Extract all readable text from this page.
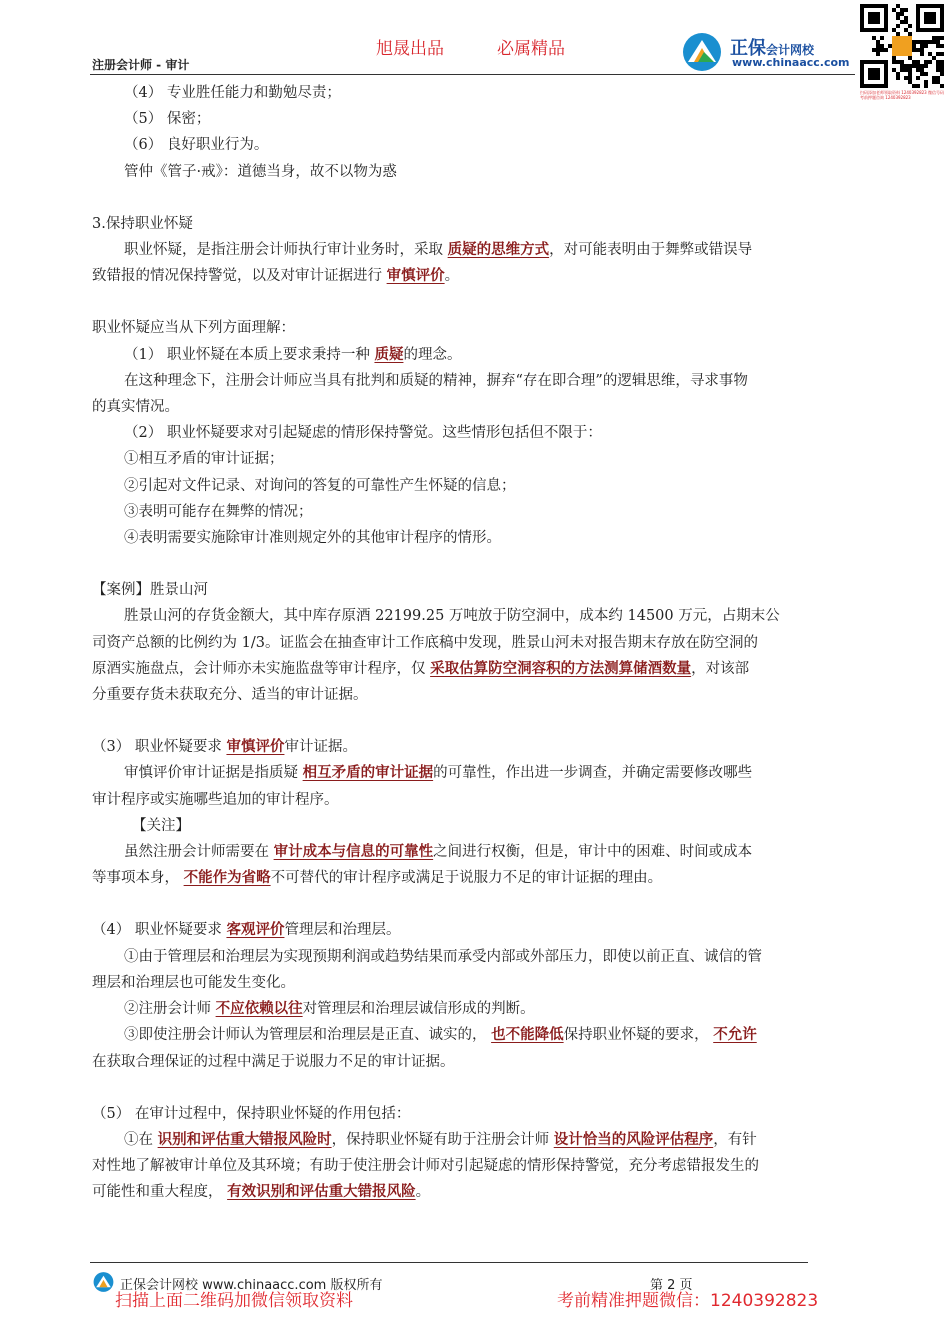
旭晟出品	必属精品
注册会计师 - 审计
正保会计网校
www.chinaacc.com
扫码添加老师领取资料 1240392823 微信号码 考前押题咨询 1240392823

（4） 专业胜任能力和勤勉尽责；

（5） 保密；

（6） 良好职业行为。

管仲《管子·戒》：道德当身，故不以物为惑

3.保持职业怀疑

职业怀疑，是指注册会计师执行审计业务时，采取 质疑的思维方式，对可能表明由于舞弊或错误导

致错报的情况保持警觉，以及对审计证据进行 审慎评价。

职业怀疑应当从下列方面理解：

（1） 职业怀疑在本质上要求秉持一种 质疑的理念。

在这种理念下，注册会计师应当具有批判和质疑的精神，摒弃“存在即合理”的逻辑思维，寻求事物

的真实情况。

（2） 职业怀疑要求对引起疑虑的情形保持警觉。这些情形包括但不限于：

①相互矛盾的审计证据；

②引起对文件记录、对询问的答复的可靠性产生怀疑的信息；

③表明可能存在舞弊的情况；

④表明需要实施除审计准则规定外的其他审计程序的情形。

【案例】胜景山河

胜景山河的存货金额大，其中库存原酒 22199.25 万吨放于防空洞中，成本约 14500 万元，占期末公

司资产总额的比例约为 1/3。证监会在抽查审计工作底稿中发现，胜景山河未对报告期末存放在防空洞的

原酒实施盘点，会计师亦未实施监盘等审计程序，仅 采取估算防空洞容积的方法测算储酒数量，对该部

分重要存货未获取充分、适当的审计证据。

（3） 职业怀疑要求 审慎评价审计证据。

审慎评价审计证据是指质疑 相互矛盾的审计证据的可靠性，作出进一步调查，并确定需要修改哪些

审计程序或实施哪些追加的审计程序。

【关注】

虽然注册会计师需要在 审计成本与信息的可靠性之间进行权衡，但是，审计中的困难、时间或成本

等事项本身， 不能作为省略不可替代的审计程序或满足于说服力不足的审计证据的理由。

（4） 职业怀疑要求 客观评价管理层和治理层。

①由于管理层和治理层为实现预期利润或趋势结果而承受内部或外部压力，即使以前正直、诚信的管

理层和治理层也可能发生变化。

②注册会计师 不应依赖以往对管理层和治理层诚信形成的判断。

③即使注册会计师认为管理层和治理层是正直、诚实的， 也不能降低保持职业怀疑的要求， 不允许

在获取合理保证的过程中满足于说服力不足的审计证据。

（5） 在审计过程中，保持职业怀疑的作用包括：

①在 识别和评估重大错报风险时，保持职业怀疑有助于注册会计师 设计恰当的风险评估程序，有针

对性地了解被审计单位及其环境；有助于使注册会计师对引起疑虑的情形保持警觉，充分考虑错报发生的

可能性和重大程度， 有效识别和评估重大错报风险。

正保会计网校 www.chinaacc.com 版权所有	第 2 页
扫描上面二维码加微信领取资料	考前精准押题微信：1240392823
